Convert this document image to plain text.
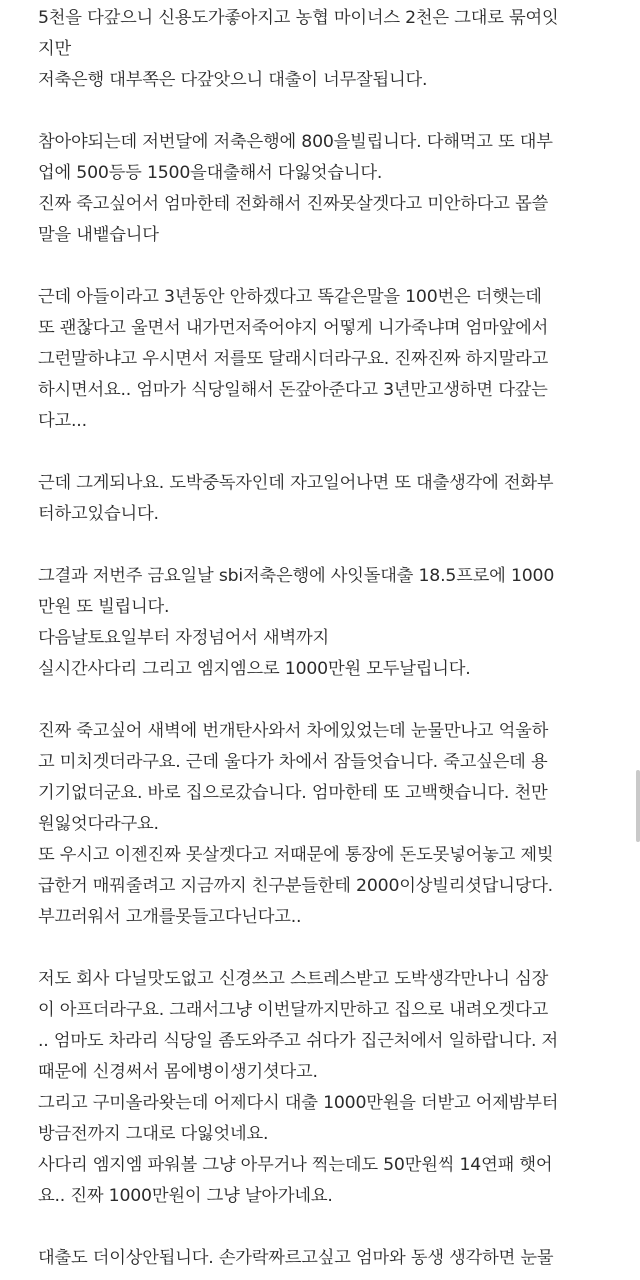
5천을 다갚으니 신용도가좋아지고 농협 마이너스 2천은 그대로 묶여잇
지만
저축은행 대부쪽은 다갚앗으니 대출이 너무잘됩니다.
참아야되는데 저번달에 저축은행에 800을빌립니다. 다해먹고 또 대부
업에 500등등 1500을대출해서 다잃엇습니다.
진짜 죽고싶어서 엄마한테 전화해서 진짜못살겟다고 미안하다고 몹쓸
말을 내뱉습니다
근데 아들이라고 3년동안 안하겠다고 똑같은말을 100번은 더햇는데
또 괜찮다고 울면서 내가먼저죽어야지 어떻게 니가죽냐며 엄마앞에서
그런말하냐고 우시면서 저를또 달래시더라구요. 진짜진짜 하지말라고
하시면서요.. 엄마가 식당일해서 돈갚아준다고 3년만고생하면 다갚는
다고...
근데 그게되나요. 도박중독자인데 자고일어나면 또 대출생각에 전화부
터하고있습니다.
그결과 저번주 금요일날 sbi저축은행에 사잇돌대출 18.5프로에 1000
만원 또 빌립니다.
다음날토요일부터 자정넘어서 새벽까지
실시간사다리 그리고 엠지엠으로 1000만원 모두날립니다.
진짜 죽고싶어 새벽에 번개탄사와서 차에있었는데 눈물만나고 억울하
고 미치겟더라구요. 근데 울다가 차에서 잠들엇습니다. 죽고싶은데 용
기기없더군요. 바로 집으로갔습니다. 엄마한테 또 고백햇습니다. 천만
원잃엇다라구요.
또 우시고 이젠진짜 못살겟다고 저때문에 통장에 돈도못넣어놓고 제빚
급한거 매꿔줄려고 지금까지 친구분들한테 2000이상빌리셧답니당다.
부끄러워서 고개를못들고다닌다고..
저도 회사 다닐맛도없고 신경쓰고 스트레스받고 도박생각만나니 심장
이 아프더라구요. 그래서그냥 이번달까지만하고 집으로 내려오겟다고
.. 엄마도 차라리 식당일 좀도와주고 쉬다가 집근처에서 일하랍니다. 저
때문에 신경써서 몸에병이생기셧다고.
그리고 구미올라왓는데 어제다시 대출 1000만원을 더받고 어제밤부터
방금전까지 그대로 다잃엇네요.
사다리 엠지엠 파워볼 그냥 아무거나 찍는데도 50만원씩 14연패 햇어
요.. 진짜 1000만원이 그냥 날아가네요.
대출도 더이상안됩니다. 손가락짜르고싶고 엄마와 동생 생각하면 눈물
